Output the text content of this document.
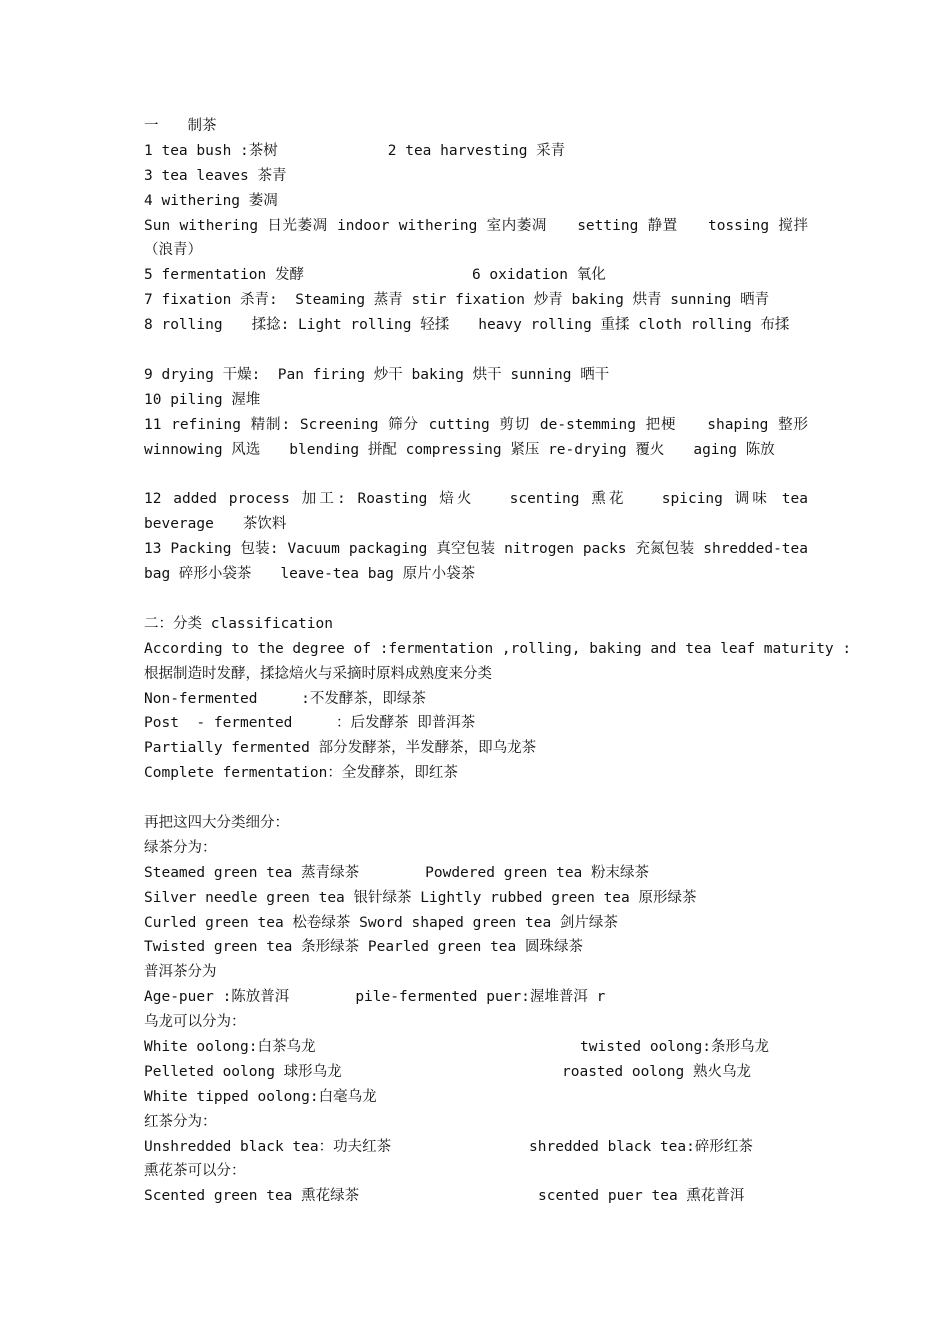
一　　制茶
1 tea bush :茶树	2 tea harvesting 采青
3 tea leaves 茶青
4 withering 萎凋
Sun withering 日光萎凋 indoor withering 室内萎凋　　setting 静置　　tossing 搅拌（浪青）
5 fermentation 发酵	6 oxidation 氧化
7 fixation 杀青:  Steaming 蒸青 stir fixation 炒青 baking 烘青 sunning 晒青
8 rolling　　揉捻: Light rolling 轻揉　　heavy rolling 重揉 cloth rolling 布揉
9 drying 干燥:  Pan firing 炒干 baking 烘干 sunning 晒干
10 piling 渥堆
11 refining 精制: Screening 筛分 cutting 剪切 de-stemming 把梗　　shaping 整形 winnowing 风选　　blending 拼配 compressing 紧压 re-drying 覆火　　aging 陈放
12 added process 加工: Roasting 焙火　　scenting 熏花　　spicing 调味 tea beverage　　茶饮料
13 Packing 包装: Vacuum packaging 真空包装 nitrogen packs 充氮包装 shredded-tea bag 碎形小袋茶　　leave-tea bag 原片小袋茶
二：分类 classification
According to the degree of :fermentation ,rolling, baking and tea leaf maturity :
根据制造时发酵，揉捻焙火与采摘时原料成熟度来分类
Non-fermented     :不发酵茶，即绿茶
Post  - fermented     ：后发酵茶 即普洱茶
Partially fermented 部分发酵茶，半发酵茶，即乌龙茶
Complete fermentation：全发酵茶，即红茶
再把这四大分类细分：
绿茶分为：
Steamed green tea 蒸青绿茶	Powdered green tea 粉末绿茶
Silver needle green tea 银针绿茶 Lightly rubbed green tea 原形绿茶
Curled green tea 松卷绿茶 Sword shaped green tea 剑片绿茶
Twisted green tea 条形绿茶 Pearled green tea 圆珠绿茶
普洱茶分为
Age-puer :陈放普洱	pile-fermented puer:渥堆普洱 r
乌龙可以分为：
White oolong:白茶乌龙	twisted oolong:条形乌龙
Pelleted oolong 球形乌龙	roasted oolong 熟火乌龙
White tipped oolong:白毫乌龙
红茶分为：
Unshredded black tea：功夫红茶	shredded black tea:碎形红茶
熏花茶可以分：
Scented green tea 熏花绿茶	scented puer tea 熏花普洱
